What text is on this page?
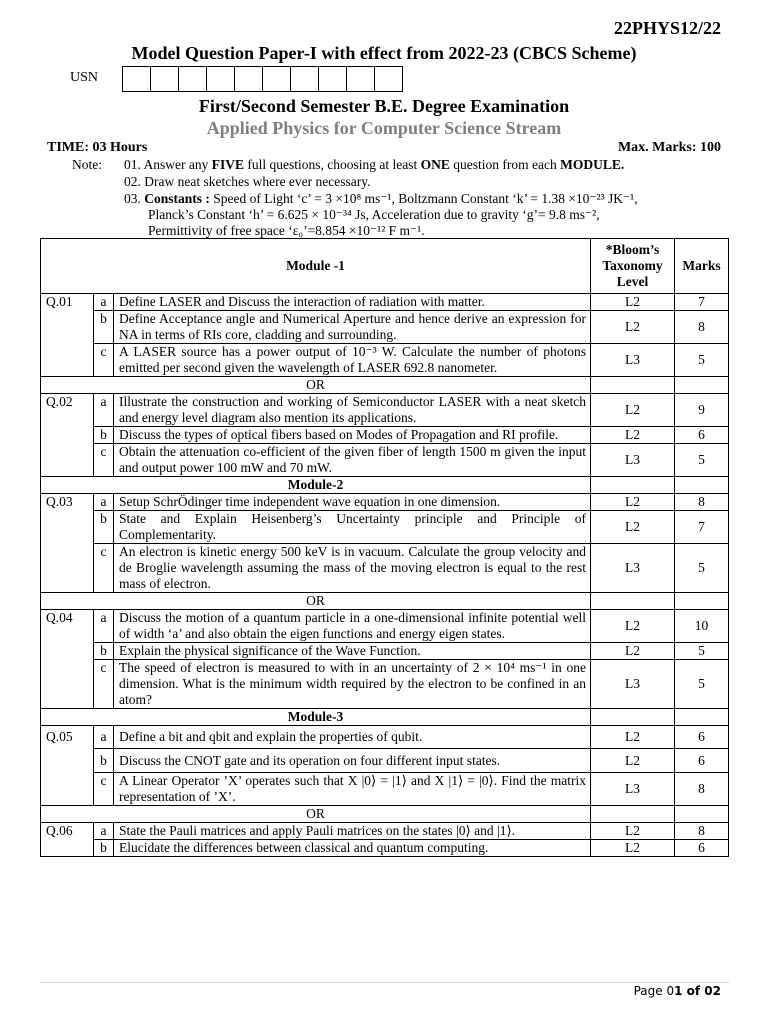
22PHYS12/22
Model Question Paper-I with effect from 2022-23 (CBCS Scheme)
USN
First/Second Semester B.E. Degree Examination
Applied Physics for Computer Science Stream
TIME: 03 Hours	Max. Marks: 100
Note: 01. Answer any FIVE full questions, choosing at least ONE question from each MODULE.
02. Draw neat sketches where ever necessary.
03. Constants : Speed of Light ‘c’ = 3 ×10⁸ ms⁻¹, Boltzmann Constant ‘k’ = 1.38 ×10⁻²³ JK⁻¹,
Planck’s Constant ‘h’ = 6.625 × 10⁻³⁴ Js, Acceleration due to gravity ‘g’= 9.8 ms⁻²,
Permittivity of free space ‘ε₀’=8.854 ×10⁻¹² F m⁻¹.
Module -1			*Bloom’s Taxonomy Level	Marks
Q.01	a	Define LASER and Discuss the interaction of radiation with matter.	L2	7
	b	Define Acceptance angle and Numerical Aperture and hence derive an expression for NA in terms of RIs core, cladding and surrounding.	L2	8
	c	A LASER source has a power output of 10⁻³ W. Calculate the number of photons emitted per second given the wavelength of LASER 692.8 nanometer.	L3	5
OR				
Q.02	a	Illustrate the construction and working of Semiconductor LASER with a neat sketch and energy level diagram also mention its applications.	L2	9
	b	Discuss the types of optical fibers based on Modes of Propagation and RI profile.	L2	6
	c	Obtain the attenuation co-efficient of the given fiber of length 1500 m given the input and output power 100 mW and 70 mW.	L3	5
Module-2				
Q.03	a	Setup SchrÖdinger time independent wave equation in one dimension.	L2	8
	b	State and Explain Heisenberg’s Uncertainty principle and Principle of Complementarity.	L2	7
	c	An electron is kinetic energy 500 keV is in vacuum. Calculate the group velocity and de Broglie wavelength assuming the mass of the moving electron is equal to the rest mass of electron.	L3	5
OR				
Q.04	a	Discuss the motion of a quantum particle in a one-dimensional infinite potential well of width ‘a’ and also obtain the eigen functions and energy eigen states.	L2	10
	b	Explain the physical significance of the Wave Function.	L2	5
	c	The speed of electron is measured to with in an uncertainty of 2 × 10⁴ ms⁻¹ in one dimension. What is the minimum width required by the electron to be confined in an atom?	L3	5
Module-3				
Q.05	a	Define a bit and qbit and explain the properties of qubit.	L2	6
	b	Discuss the CNOT gate and its operation on four different input states.	L2	6
	c	A Linear Operator ’X’ operates such that X |0⟩ = |1⟩ and X |1⟩ = |0⟩. Find the matrix representation of ’X’.	L3	8
OR				
Q.06	a	State the Pauli matrices and apply Pauli matrices on the states |0⟩ and |1⟩.	L2	8
	b	Elucidate the differences between classical and quantum computing.	L2	6
Page 01 of 02
